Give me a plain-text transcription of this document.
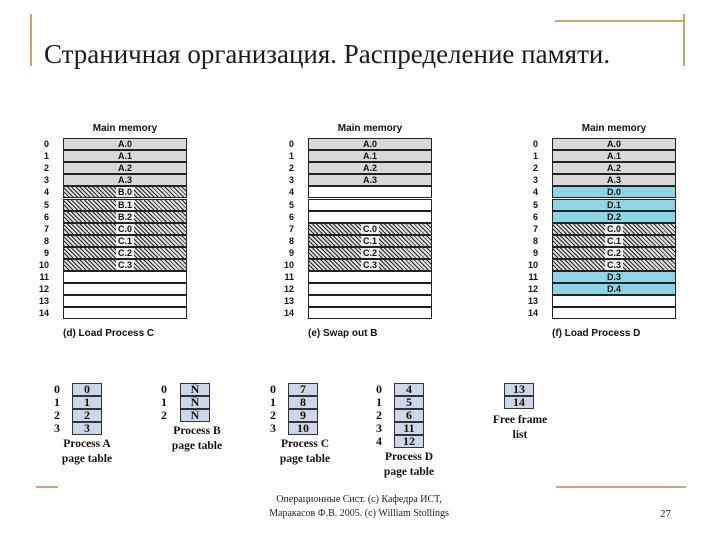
Страничная организация. Распределение памяти.
Main memory
0	A.0
1	A.1
2	A.2
3	A.3
4	B.0
5	B.1
6	B.2
7	C.0
8	C.1
9	C.2
10	C.3
11
12
13
14
(d) Load Process C
Main memory
0	A.0
1	A.1
2	A.2
3	A.3
4
5
6
7	C.0
8	C.1
9	C.2
10	C.3
11
12
13
14
(e) Swap out B
Main memory
0	A.0
1	A.1
2	A.2
3	A.3
4	D.0
5	D.1
6	D.2
7	C.0
8	C.1
9	C.2
10	C.3
11	D.3
12	D.4
13
14
(f) Load Process D
0	0
1	1
2	2
3	3
Process A
page table
0	Ñ
1	Ñ
2	Ñ
Process B
page table
0	7
1	8
2	9
3	10
Process C
page table
0	4
1	5
2	6
3	11
4	12
Process D
page table
13
14
Free frame
list
Операционные Сист. (c) Кафедра ИСТ,
Маракасов Ф.В. 2005. (c) William Stollings	27
